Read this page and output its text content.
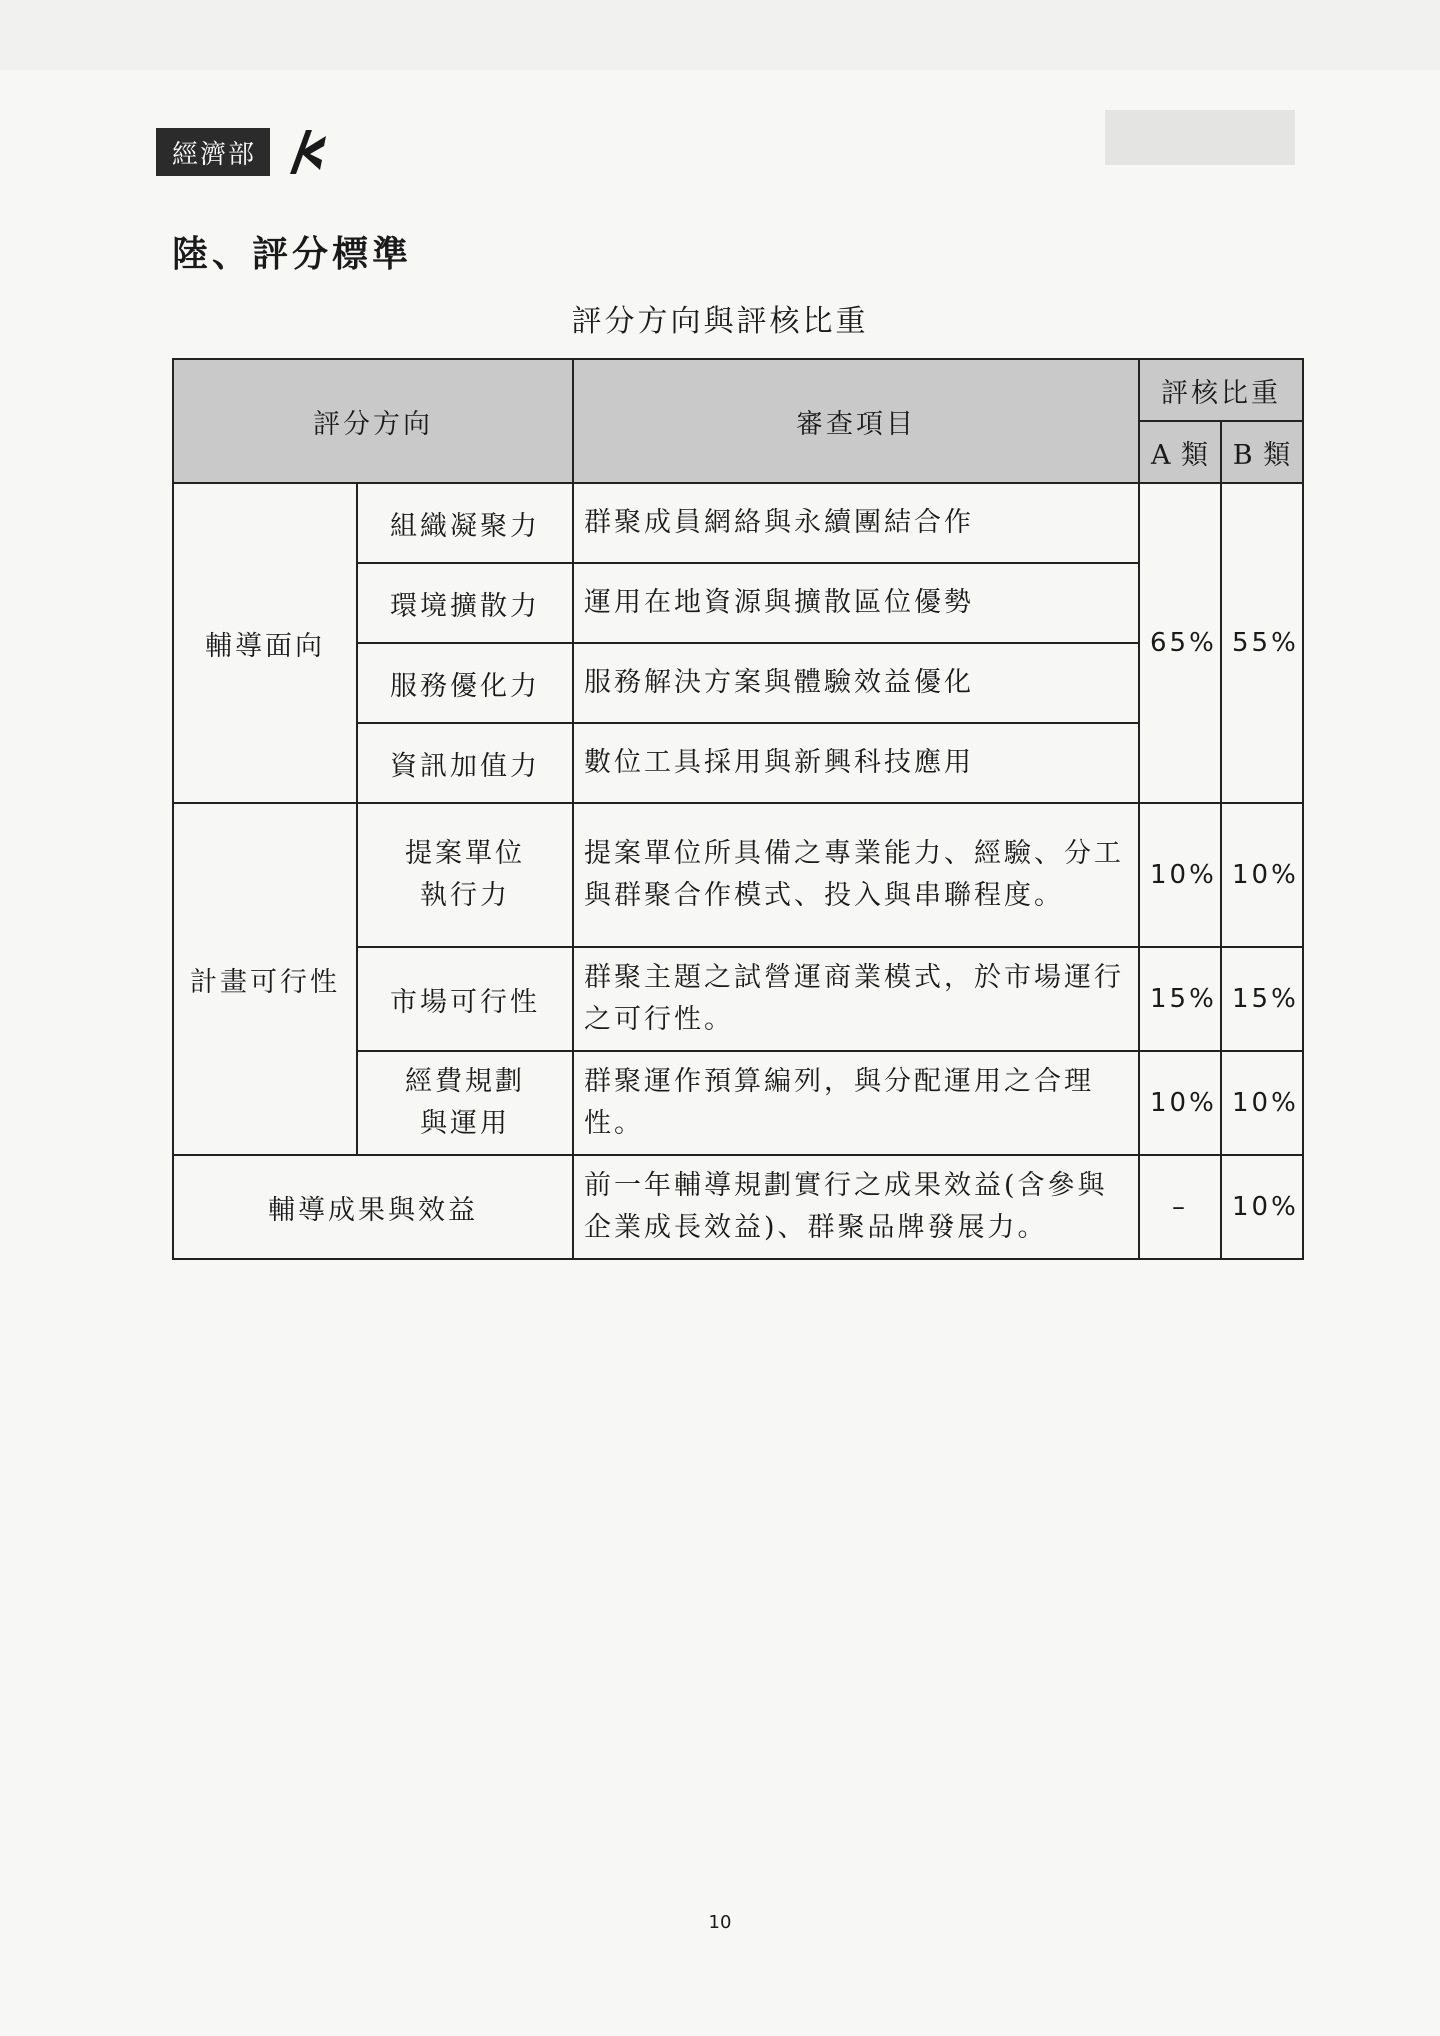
經濟部
陸、評分標準
評分方向與評核比重
評分方向		審查項目	評核比重	
			A 類	B 類
輔導面向	組織凝聚力	群聚成員網絡與永續團結合作	65%	55%
	環境擴散力	運用在地資源與擴散區位優勢		
	服務優化力	服務解決方案與體驗效益優化		
	資訊加值力	數位工具採用與新興科技應用		
計畫可行性	提案單位執行力	提案單位所具備之專業能力、經驗、分工與群聚合作模式、投入與串聯程度。	10%	10%
	市場可行性	群聚主題之試營運商業模式，於市場運行之可行性。	15%	15%
	經費規劃與運用	群聚運作預算編列，與分配運用之合理性。	10%	10%
輔導成果與效益		前一年輔導規劃實行之成果效益(含參與企業成長效益)、群聚品牌發展力。	–	10%
10
